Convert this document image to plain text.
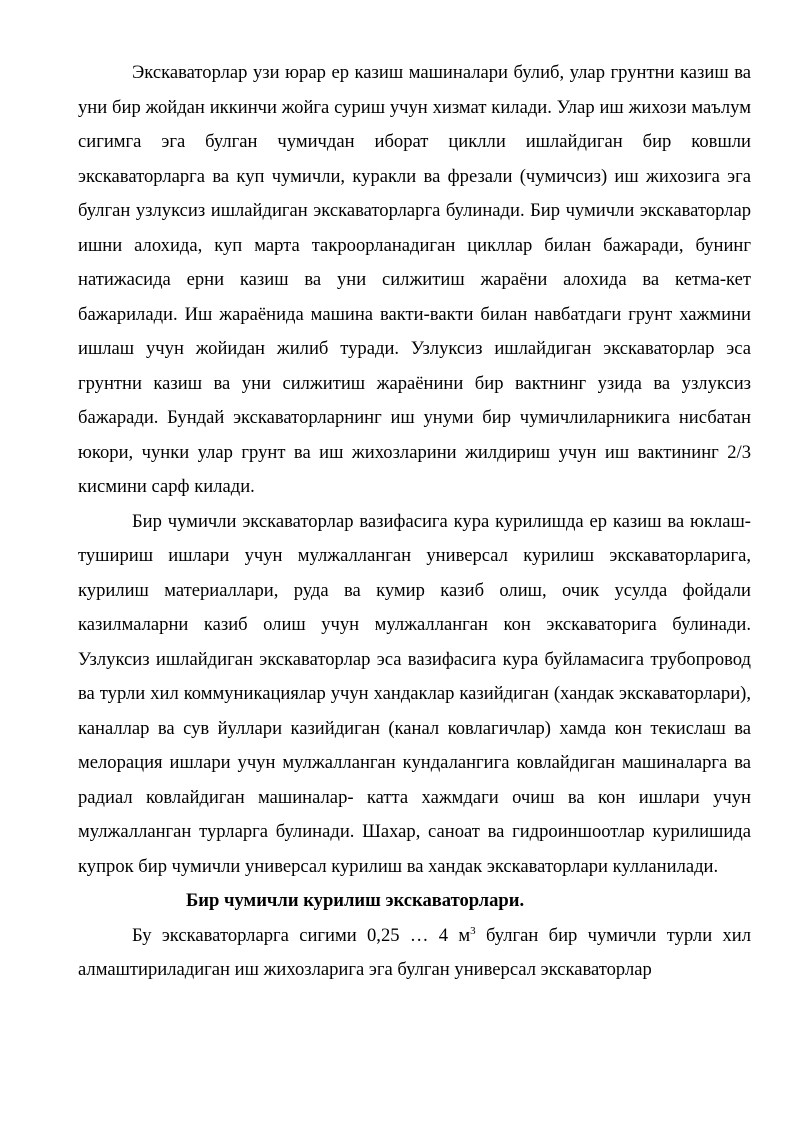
Экскаваторлар узи юрар ер казиш машиналари булиб, улар грунтни казиш ва уни бир жойдан иккинчи жойга суриш учун хизмат килади. Улар иш жихози маълум сигимга эга булган чумичдан иборат циклли ишлайдиган бир ковшли экскаваторларга ва куп чумичли, куракли ва фрезали (чумичсиз) иш жихозига эга булган узлуксиз ишлайдиган экскаваторларга булинади. Бир чумичли экскаваторлар ишни алохида, куп марта такроорланадиган цикллар билан бажаради, бунинг натижасида ерни казиш ва уни силжитиш жараёни алохида ва кетма-кет бажарилади. Иш жараёнида машина вакти-вакти билан навбатдаги грунт хажмини ишлаш учун жойидан жилиб туради. Узлуксиз ишлайдиган экскаваторлар эса грунтни казиш ва уни силжитиш жараёнини бир вактнинг узида ва узлуксиз бажаради. Бундай экскаваторларнинг иш унуми бир чумичлиларникига нисбатан юкори, чунки улар грунт ва иш жихозларини жилдириш учун иш вактининг 2/3 кисмини сарф килади.

Бир чумичли экскаваторлар вазифасига кура курилишда ер казиш ва юклаш-тушириш ишлари учун мулжалланган универсал курилиш экскаваторларига, курилиш материаллари, руда ва кумир казиб олиш, очик усулда фойдали казилмаларни казиб олиш учун мулжалланган кон экскаваторига булинади. Узлуксиз ишлайдиган экскаваторлар эса вазифасига кура буйламасига трубопровод ва турли хил коммуникациялар учун хандаклар казийдиган (хандак экскаваторлари), каналлар ва сув йуллари казийдиган (канал ковлагичлар) хамда кон текислаш ва мелорация ишлари учун мулжалланган кундалангига ковлайдиган машиналарга ва радиал ковлайдиган машиналар- катта хажмдаги очиш ва кон ишлари учун мулжалланган турларга булинади. Шахар, саноат ва гидроиншоотлар курилишида купрок бир чумичли универсал курилиш ва хандак экскаваторлари кулланилади.

Бир чумичли курилиш экскаваторлари.

Бу экскаваторларга сигими 0,25 … 4 $м^3$ булган бир чумичли турли хил алмаштириладиган иш жихозларига эга булган универсал экскаваторлар
